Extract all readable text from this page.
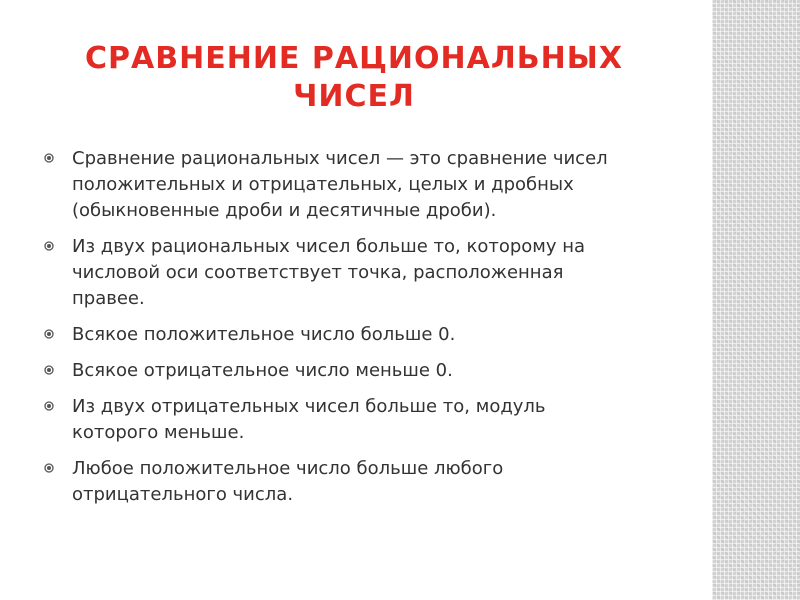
СРАВНЕНИЕ РАЦИОНАЛЬНЫХ
ЧИСЕЛ
Сравнение рациональных чисел — это сравнение чисел
положительных и отрицательных, целых и дробных
(обыкновенные дроби и десятичные дроби).
Из двух рациональных чисел больше то, которому на
числовой оси соответствует точка, расположенная
правее.
Всякое положительное число больше 0.
Всякое отрицательное число меньше 0.
Из двух отрицательных чисел больше то, модуль
которого меньше.
Любое положительное число больше любого
отрицательного числа.
